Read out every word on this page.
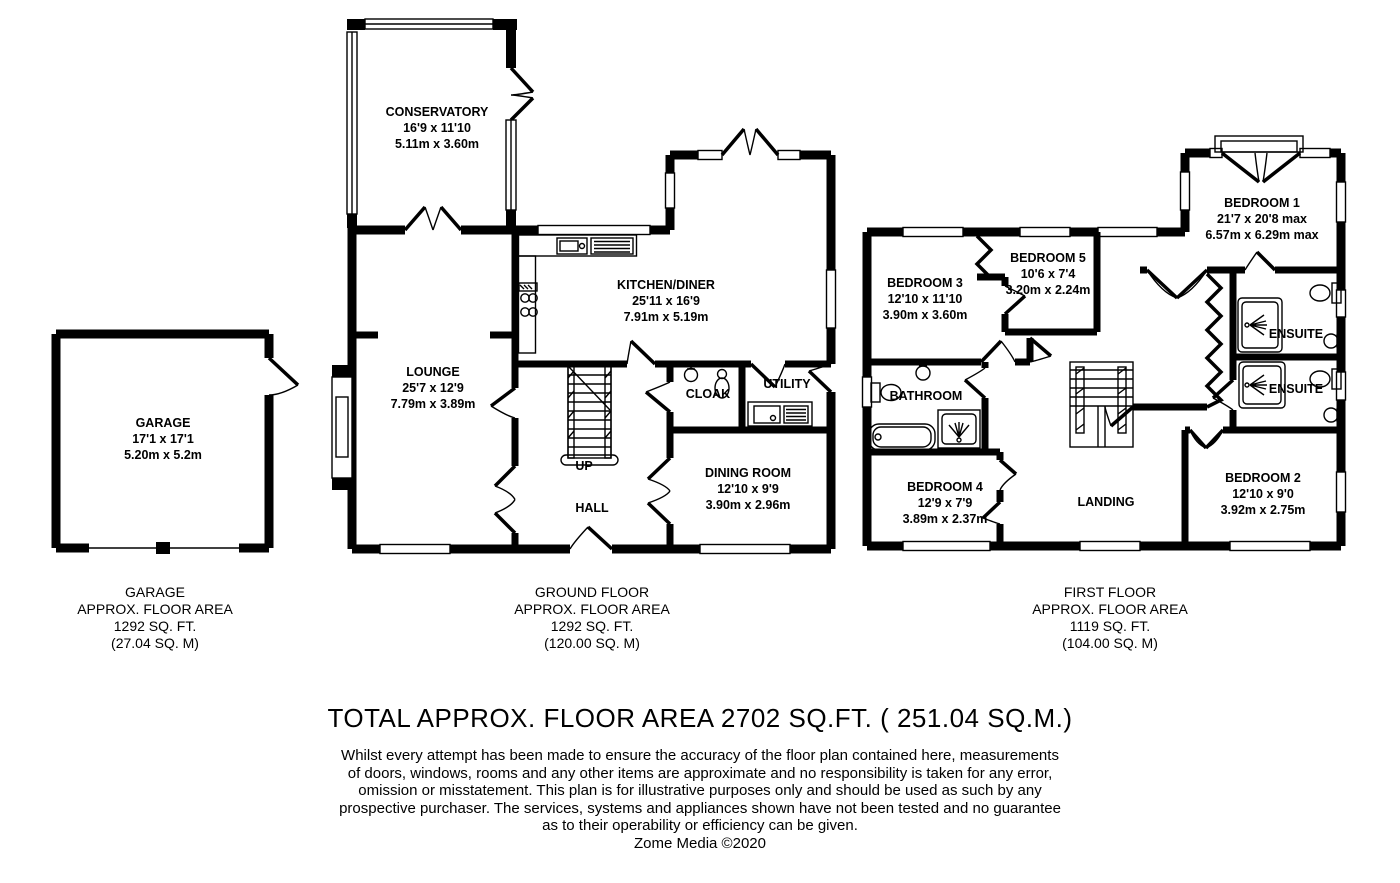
GARAGE
17'1 x 17'1
5.20m x 5.2m
CONSERVATORY
16'9 x 11'10
5.11m x 3.60m
KITCHEN/DINER
25'11 x 16'9
7.91m x 5.19m
LOUNGE
25'7 x 12'9
7.79m x 3.89m
CLOAK
UTILITY
UP
HALL
DINING ROOM
12'10 x 9'9
3.90m x 2.96m
BEDROOM 3
12'10 x 11'10
3.90m x 3.60m
BEDROOM 5
10'6 x 7'4
3.20m x 2.24m
BEDROOM 1
21'7 x 20'8 max
6.57m x 6.29m max
ENSUITE
ENSUITE
BATHROOM
BEDROOM 4
12'9 x 7'9
3.89m x 2.37m
LANDING
BEDROOM 2
12'10 x 9'0
3.92m x 2.75m
GARAGE
APPROX. FLOOR AREA
1292 SQ. FT.
(27.04 SQ. M)
GROUND FLOOR
APPROX. FLOOR AREA
1292 SQ. FT.
(120.00 SQ. M)
FIRST FLOOR
APPROX. FLOOR AREA
1119 SQ. FT.
(104.00 SQ. M)
TOTAL APPROX. FLOOR AREA 2702 SQ.FT. ( 251.04 SQ.M.)
Whilst every attempt has been made to ensure the accuracy of the floor plan contained here, measurements
of doors, windows, rooms and any other items are approximate and no responsibility is taken for any error,
omission or misstatement. This plan is for illustrative purposes only and should be used as such by any
prospective purchaser. The services, systems and appliances shown have not been tested and no guarantee
as to their operability or efficiency can be given.
Zome Media ©2020
